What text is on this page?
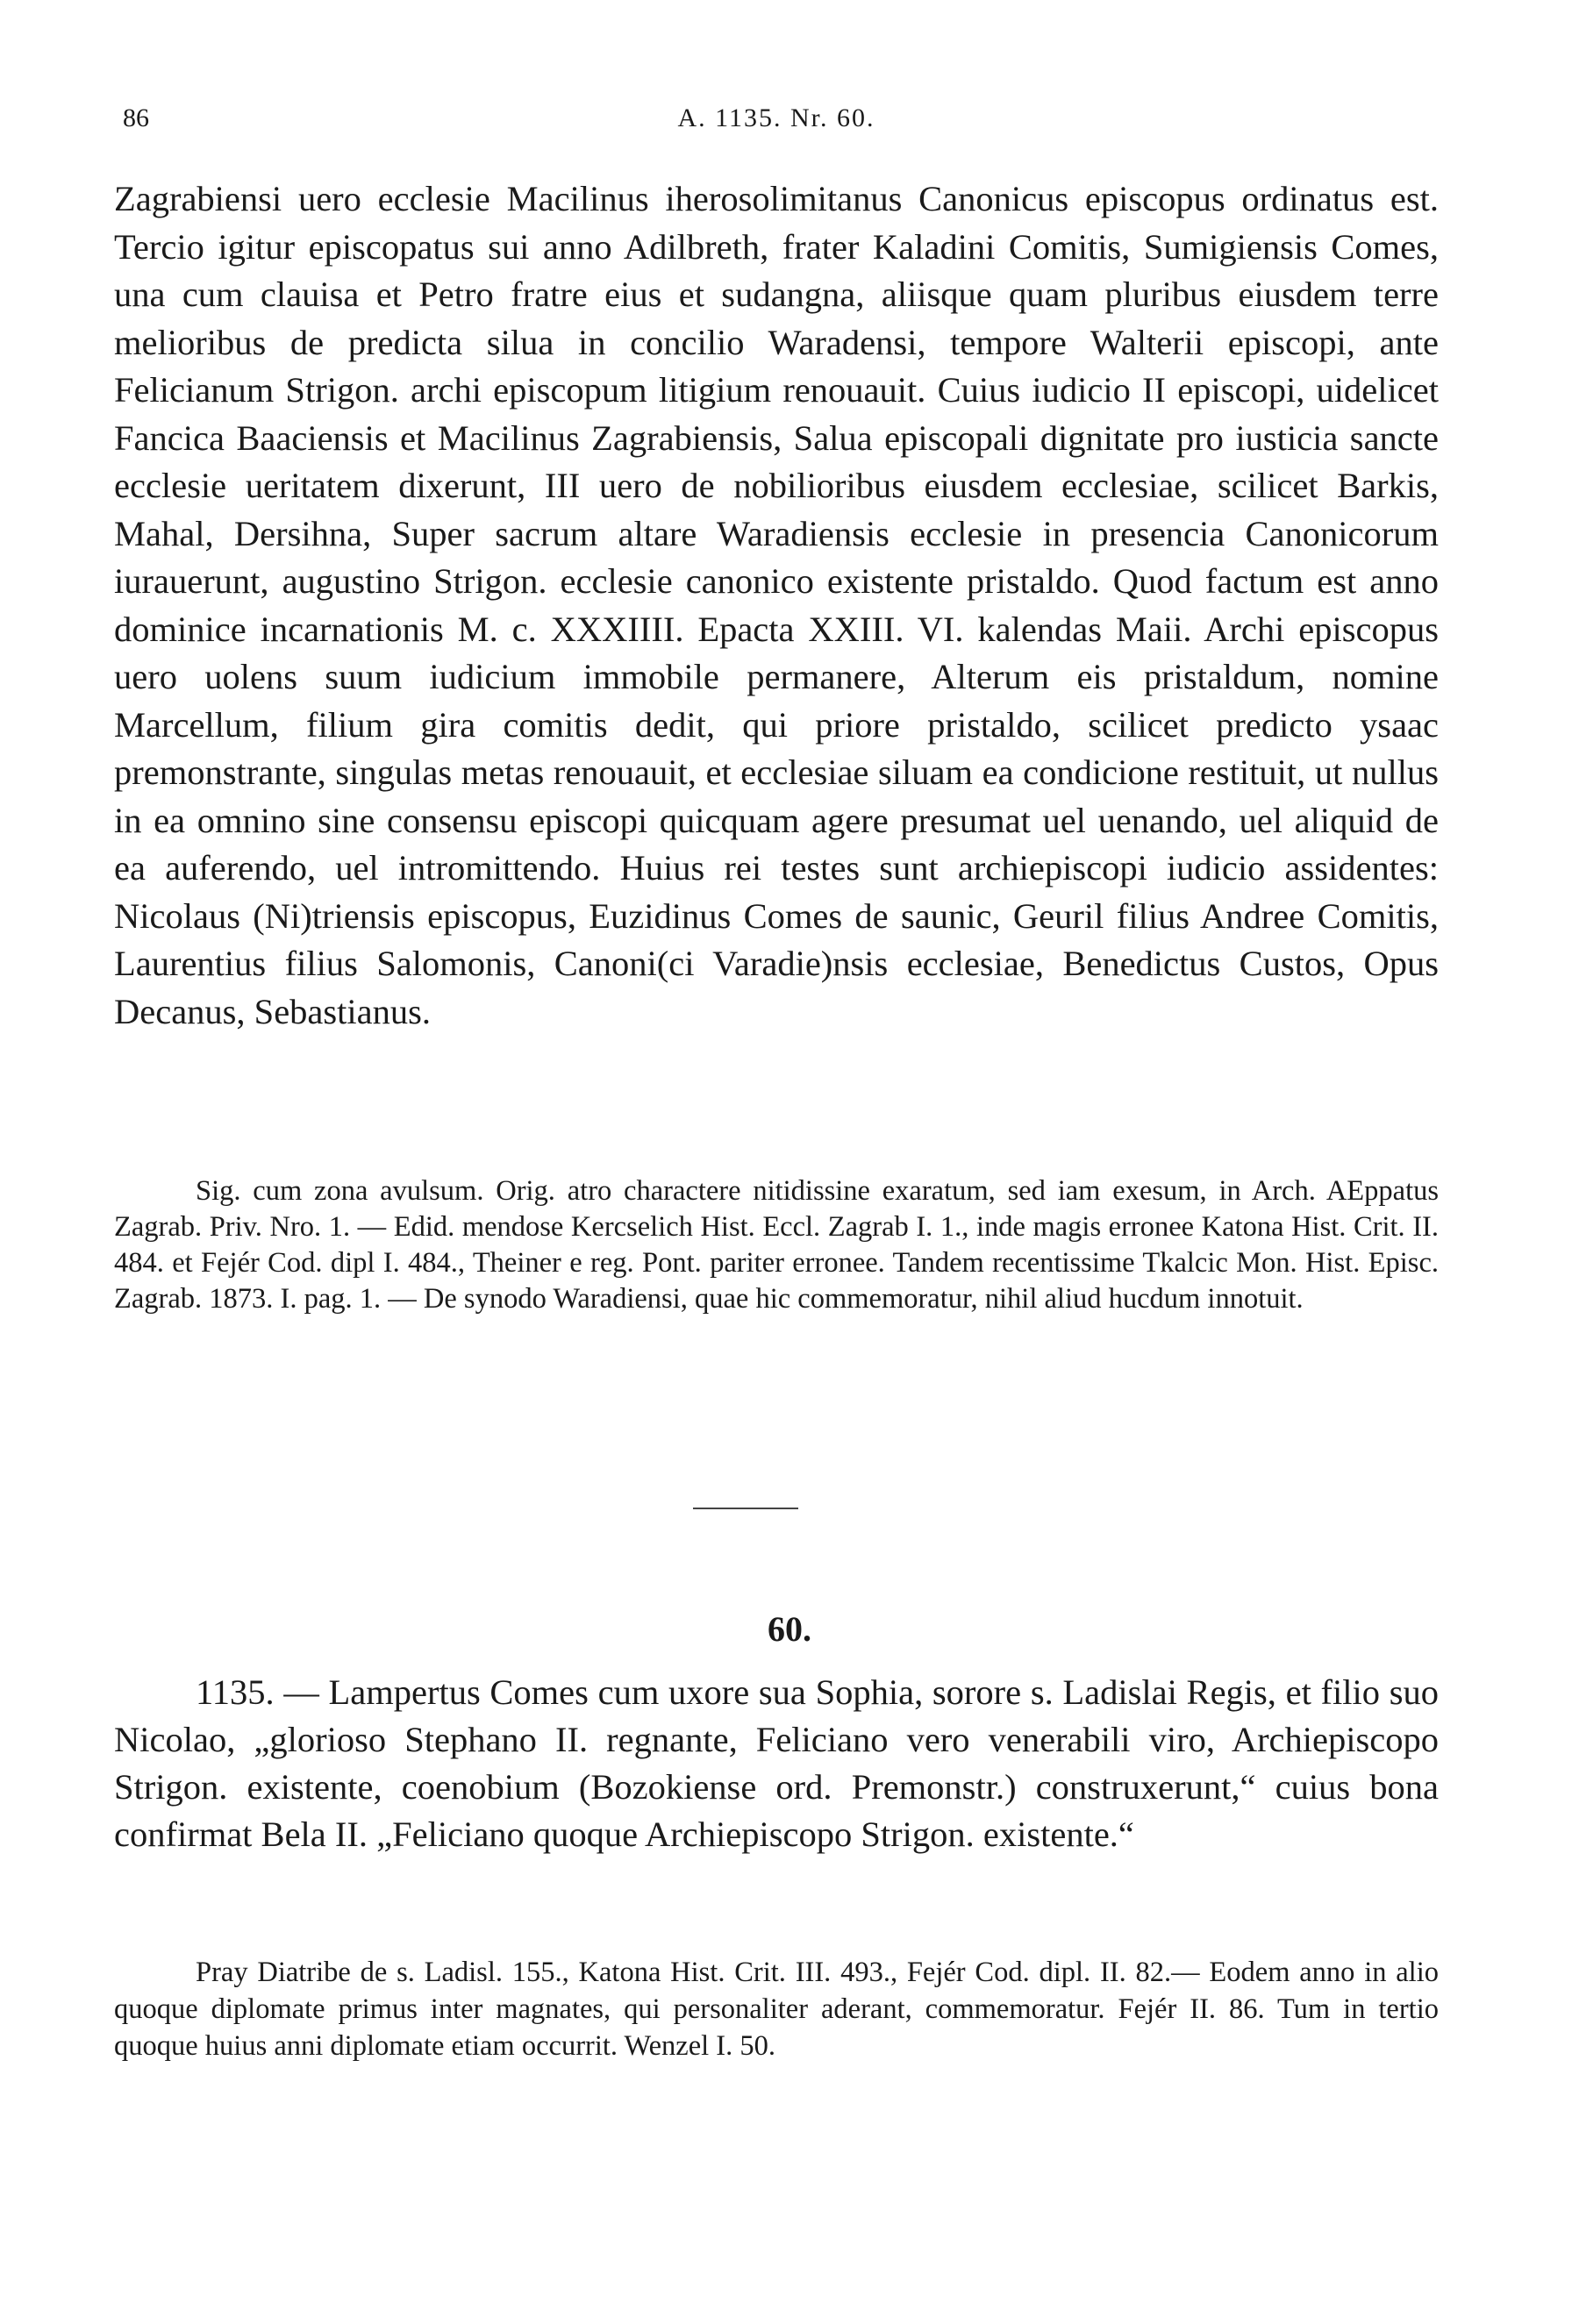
86	A. 1135. Nr. 60.

Zagrabiensi uero ecclesie Macilinus iherosolimitanus Canonicus episcopus ordinatus est. Tercio igitur episcopatus sui anno Adilbreth, frater Kaladini Comitis, Sumigiensis Comes, una cum clauisa et Petro fratre eius et sudangna, aliisque quam pluribus eiusdem terre melioribus de predicta silua in concilio Waradensi, tempore Walterii episcopi, ante Felicianum Strigon. archi episcopum litigium renouauit. Cuius iudicio II episcopi, uidelicet Fancica Baaciensis et Macilinus Zagrabiensis, Salua episcopali dignitate pro iusticia sancte ecclesie ueritatem dixerunt, III uero de nobilioribus eiusdem ecclesiae, scilicet Barkis, Mahal, Dersihna, Super sacrum altare Waradiensis ecclesie in presencia Canonicorum iurauerunt, augustino Strigon. ecclesie canonico existente pristaldo. Quod factum est anno dominice incarnationis M. c. XXXIIII. Epacta XXIII. VI. kalendas Maii. Archi episcopus uero uolens suum iudicium immobile permanere, Alterum eis pristaldum, nomine Marcellum, filium gira comitis dedit, qui priore pristaldo, scilicet predicto ysaac premonstrante, singulas metas renouauit, et ecclesiae siluam ea condicione restituit, ut nullus in ea omnino sine consensu episcopi quicquam agere presumat uel uenando, uel aliquid de ea auferendo, uel intromittendo. Huius rei testes sunt archiepiscopi iudicio assidentes: Nicolaus (Ni)triensis episcopus, Euzidinus Comes de saunic, Geuril filius Andree Comitis, Laurentius filius Salomonis, Canoni(ci Varadie)nsis ecclesiae, Benedictus Custos, Opus Decanus, Sebastianus.

Sig. cum zona avulsum. Orig. atro charactere nitidissine exaratum, sed iam exesum, in Arch. AEppatus Zagrab. Priv. Nro. 1. — Edid. mendose Kercselich Hist. Eccl. Zagrab I. 1., inde magis erronee Katona Hist. Crit. II. 484. et Fejér Cod. dipl I. 484., Theiner e reg. Pont. pariter erronee. Tandem recentissime Tkalcic Mon. Hist. Episc. Zagrab. 1873. I. pag. 1. — De synodo Waradiensi, quae hic commemoratur, nihil aliud hucdum innotuit.

60.

1135. — Lampertus Comes cum uxore sua Sophia, sorore s. Ladislai Regis, et filio suo Nicolao, „glorioso Stephano II. regnante, Feliciano vero venerabili viro, Archiepiscopo Strigon. existente, coenobium (Bozokiense ord. Premonstr.) construxerunt,“ cuius bona confirmat Bela II. „Feliciano quoque Archiepiscopo Strigon. existente.“

Pray Diatribe de s. Ladisl. 155., Katona Hist. Crit. III. 493., Fejér Cod. dipl. II. 82.— Eodem anno in alio quoque diplomate primus inter magnates, qui personaliter aderant, commemoratur. Fejér II. 86. Tum in tertio quoque huius anni diplomate etiam occurrit. Wenzel I. 50.
